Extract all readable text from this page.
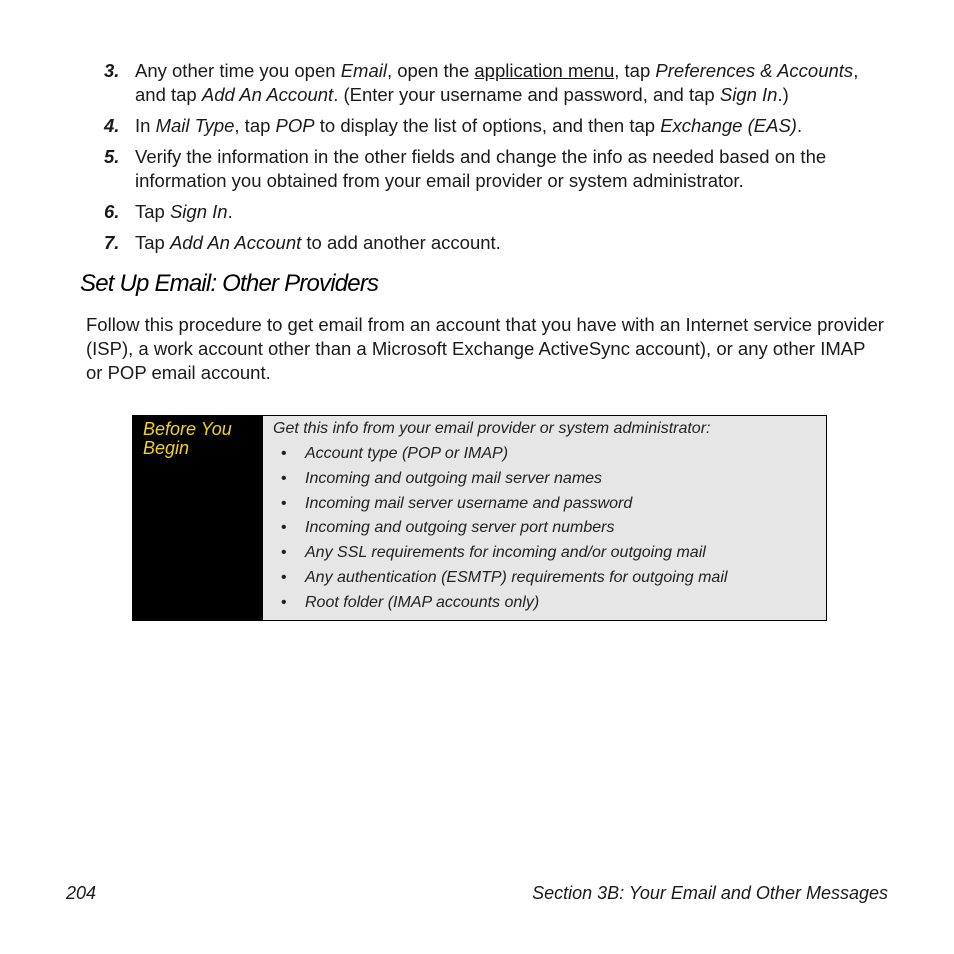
3. Any other time you open Email, open the application menu, tap Preferences & Accounts, and tap Add An Account. (Enter your username and password, and tap Sign In.)
4. In Mail Type, tap POP to display the list of options, and then tap Exchange (EAS).
5. Verify the information in the other fields and change the info as needed based on the information you obtained from your email provider or system administrator.
6. Tap Sign In.
7. Tap Add An Account to add another account.
Set Up Email: Other Providers

Follow this procedure to get email from an account that you have with an Internet service provider (ISP), a work account other than a Microsoft Exchange ActiveSync account), or any other IMAP or POP email account.

Before You Begin
Get this info from your email provider or system administrator:
• Account type (POP or IMAP)
• Incoming and outgoing mail server names
• Incoming mail server username and password
• Incoming and outgoing server port numbers
• Any SSL requirements for incoming and/or outgoing mail
• Any authentication (ESMTP) requirements for outgoing mail
• Root folder (IMAP accounts only)
204	Section 3B: Your Email and Other Messages
